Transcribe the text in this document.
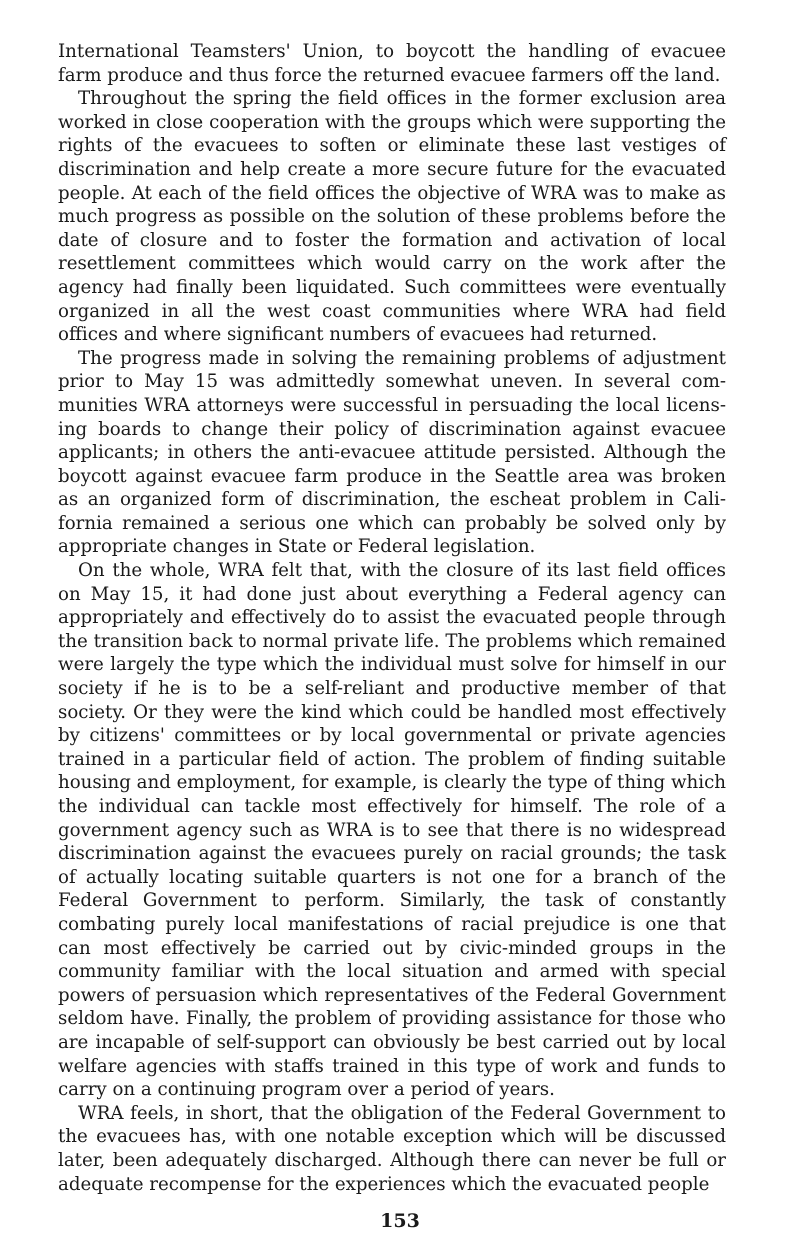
International Teamsters' Union, to boycott the handling of evacuee farm produce and thus force the returned evacuee farmers off the land.

Throughout the spring the field offices in the former exclusion area worked in close cooperation with the groups which were supporting the rights of the evacuees to soften or eliminate these last vestiges of discrimination and help create a more secure future for the evacuated people. At each of the field offices the objective of WRA was to make as much progress as possible on the solution of these problems before the date of closure and to foster the formation and activation of local resettlement committees which would carry on the work after the agency had finally been liquidated. Such committees were eventually organized in all the west coast communities where WRA had field offices and where significant numbers of evacuees had returned.

The progress made in solving the remaining problems of adjustment prior to May 15 was admittedly somewhat uneven. In several communities WRA attorneys were successful in persuading the local licensing boards to change their policy of discrimination against evacuee applicants; in others the anti-evacuee attitude persisted. Although the boycott against evacuee farm produce in the Seattle area was broken as an organized form of discrimination, the escheat problem in California remained a serious one which can probably be solved only by appropriate changes in State or Federal legislation.

On the whole, WRA felt that, with the closure of its last field offices on May 15, it had done just about everything a Federal agency can appropriately and effectively do to assist the evacuated people through the transition back to normal private life. The problems which remained were largely the type which the individual must solve for himself in our society if he is to be a self-reliant and productive member of that society. Or they were the kind which could be handled most effectively by citizens' committees or by local governmental or private agencies trained in a particular field of action. The problem of finding suitable housing and employment, for example, is clearly the type of thing which the individual can tackle most effectively for himself. The role of a government agency such as WRA is to see that there is no widespread discrimination against the evacuees purely on racial grounds; the task of actually locating suitable quarters is not one for a branch of the Federal Government to perform. Similarly, the task of constantly combating purely local manifestations of racial prejudice is one that can most effectively be carried out by civic-minded groups in the community familiar with the local situation and armed with special powers of persuasion which representatives of the Federal Government seldom have. Finally, the problem of providing assistance for those who are incapable of self-support can obviously be best carried out by local welfare agencies with staffs trained in this type of work and funds to carry on a continuing program over a period of years.

WRA feels, in short, that the obligation of the Federal Government to the evacuees has, with one notable exception which will be discussed later, been adequately discharged. Although there can never be full or adequate recompense for the experiences which the evacuated people

153
